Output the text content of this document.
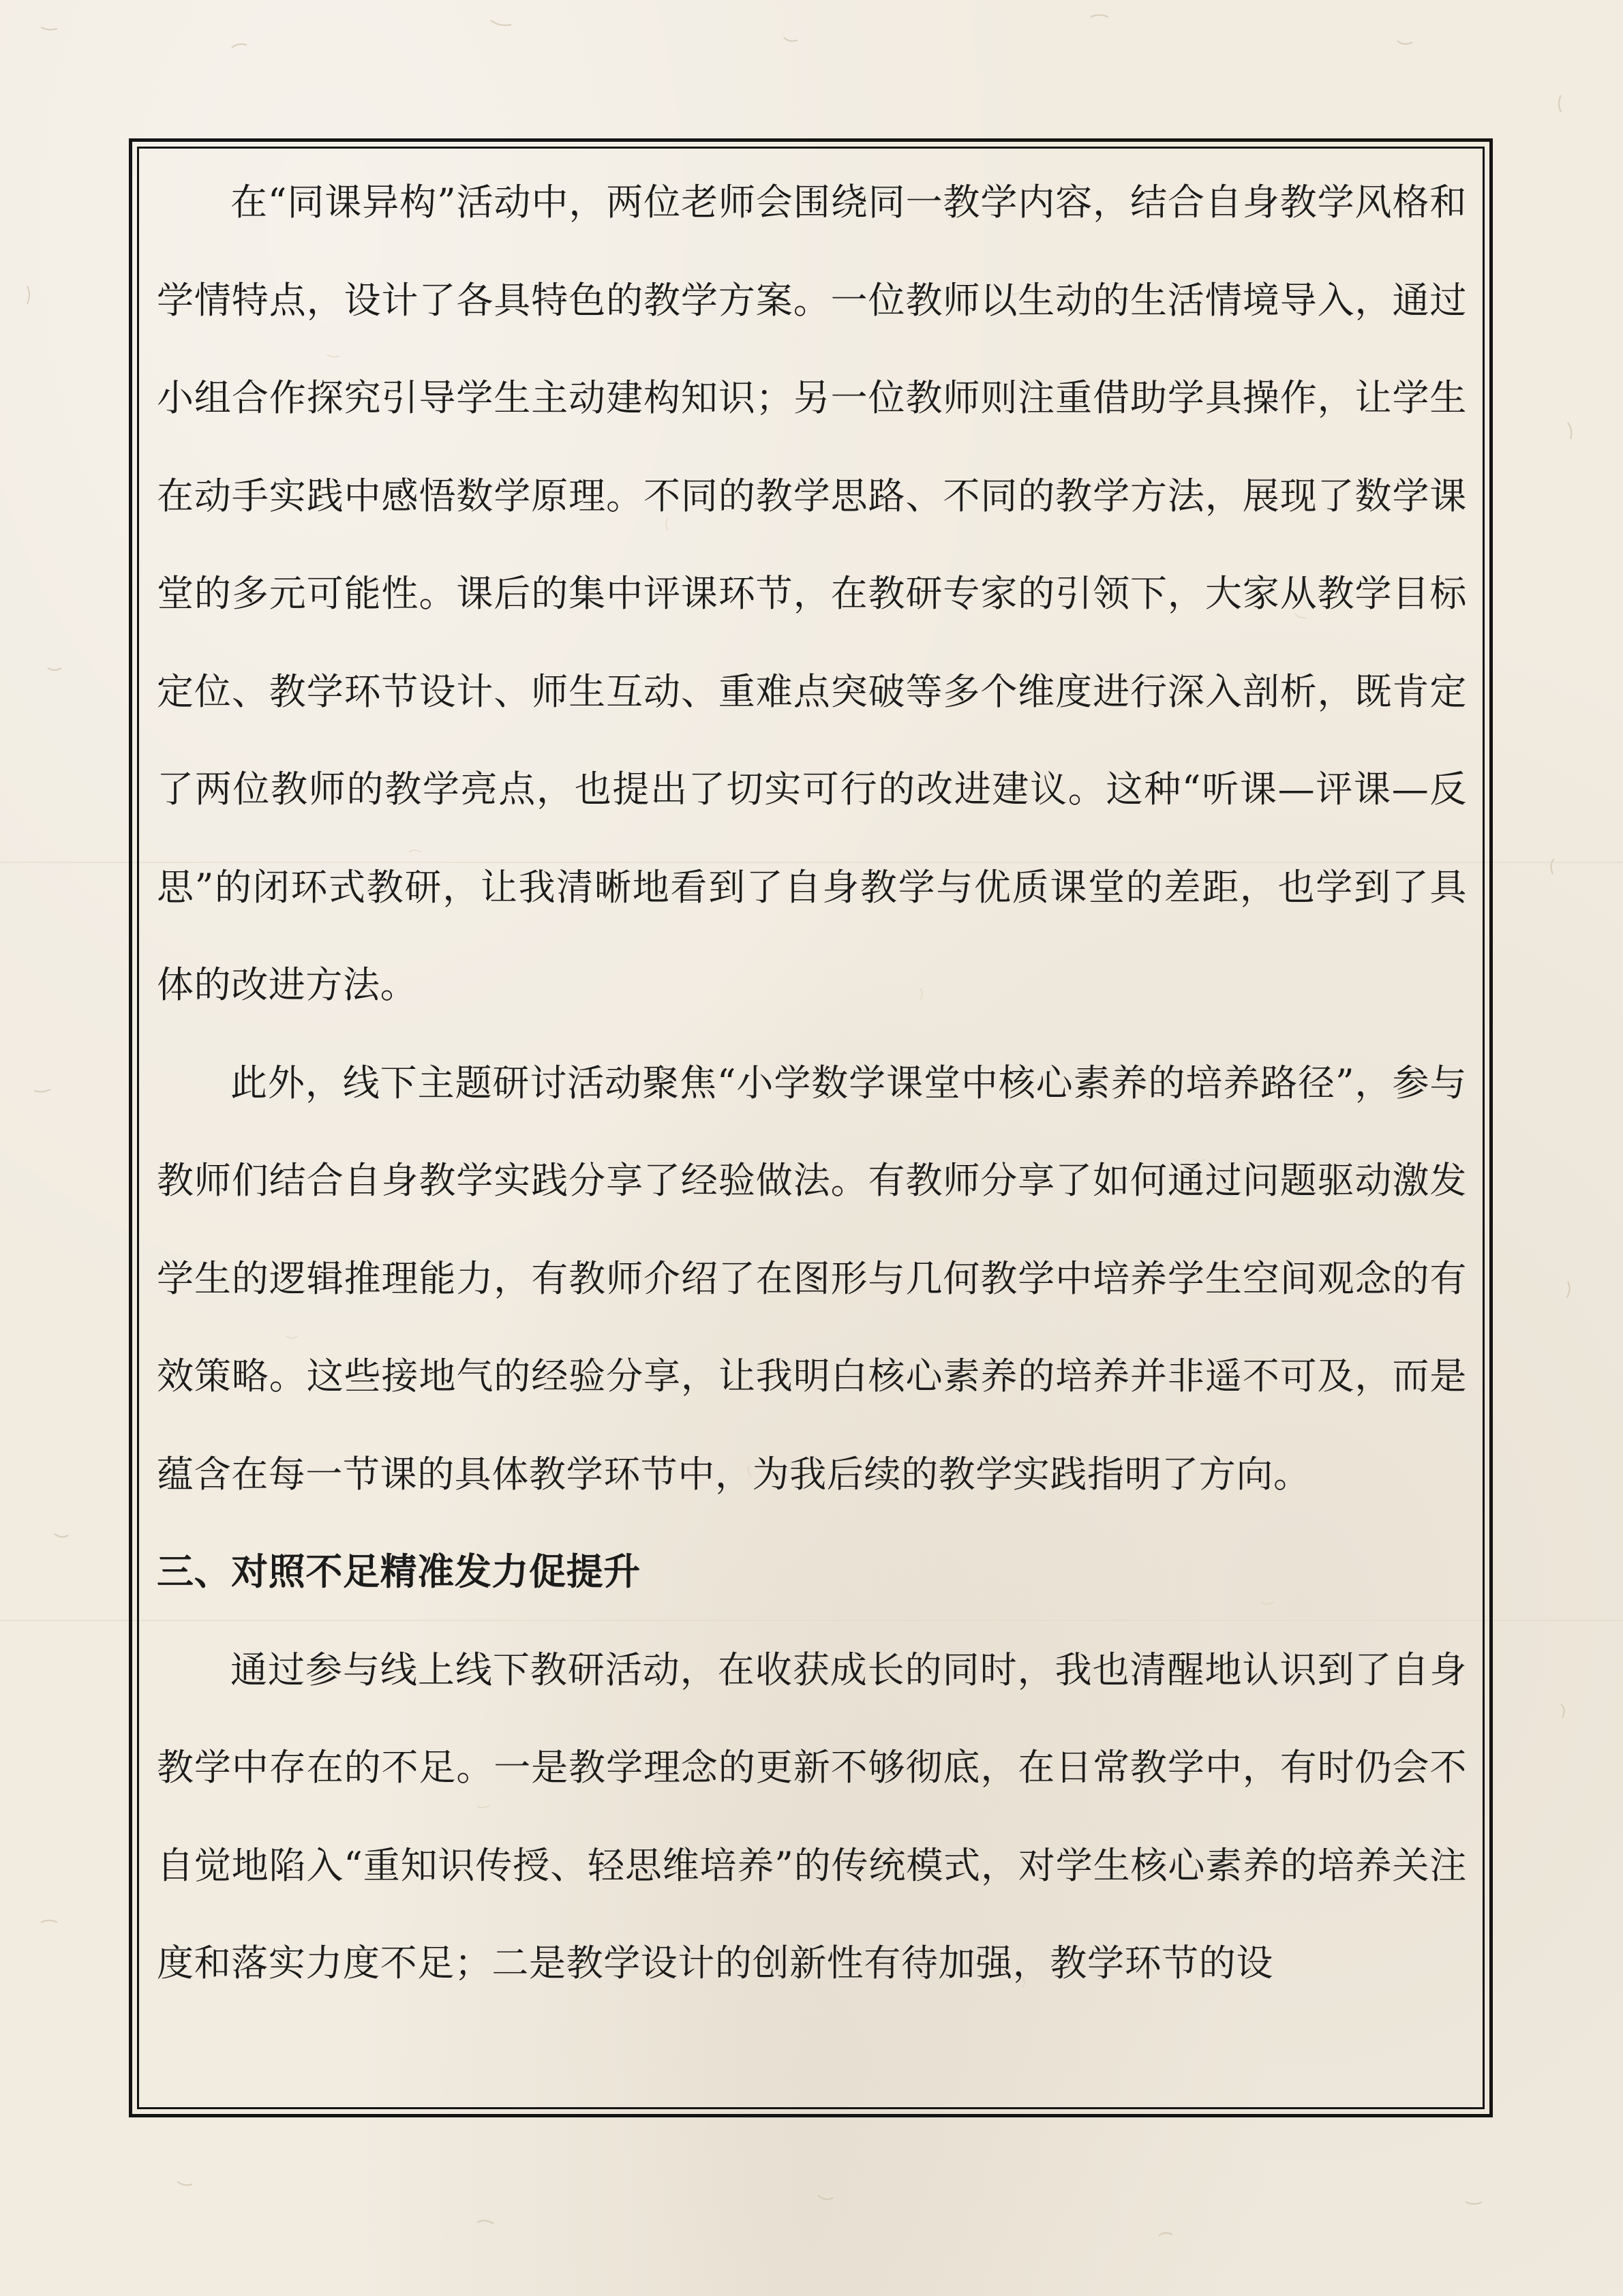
在“同课异构”活动中，两位老师会围绕同一教学内容，结合自身教学风格和学情特点，设计了各具特色的教学方案。一位教师以生动的生活情境导入，通过小组合作探究引导学生主动建构知识；另一位教师则注重借助学具操作，让学生在动手实践中感悟数学原理。不同的教学思路、不同的教学方法，展现了数学课堂的多元可能性。课后的集中评课环节，在教研专家的引领下，大家从教学目标定位、教学环节设计、师生互动、重难点突破等多个维度进行深入剖析，既肯定了两位教师的教学亮点，也提出了切实可行的改进建议。这种“听课—评课—反思”的闭环式教研，让我清晰地看到了自身教学与优质课堂的差距，也学到了具体的改进方法。

此外，线下主题研讨活动聚焦“小学数学课堂中核心素养的培养路径”，参与教师们结合自身教学实践分享了经验做法。有教师分享了如何通过问题驱动激发学生的逻辑推理能力，有教师介绍了在图形与几何教学中培养学生空间观念的有效策略。这些接地气的经验分享，让我明白核心素养的培养并非遥不可及，而是蕴含在每一节课的具体教学环节中，为我后续的教学实践指明了方向。

三、对照不足精准发力促提升

通过参与线上线下教研活动，在收获成长的同时，我也清醒地认识到了自身教学中存在的不足。一是教学理念的更新不够彻底，在日常教学中，有时仍会不自觉地陷入“重知识传授、轻思维培养”的传统模式，对学生核心素养的培养关注度和落实力度不足；二是教学设计的创新性有待加强，教学环节的设
